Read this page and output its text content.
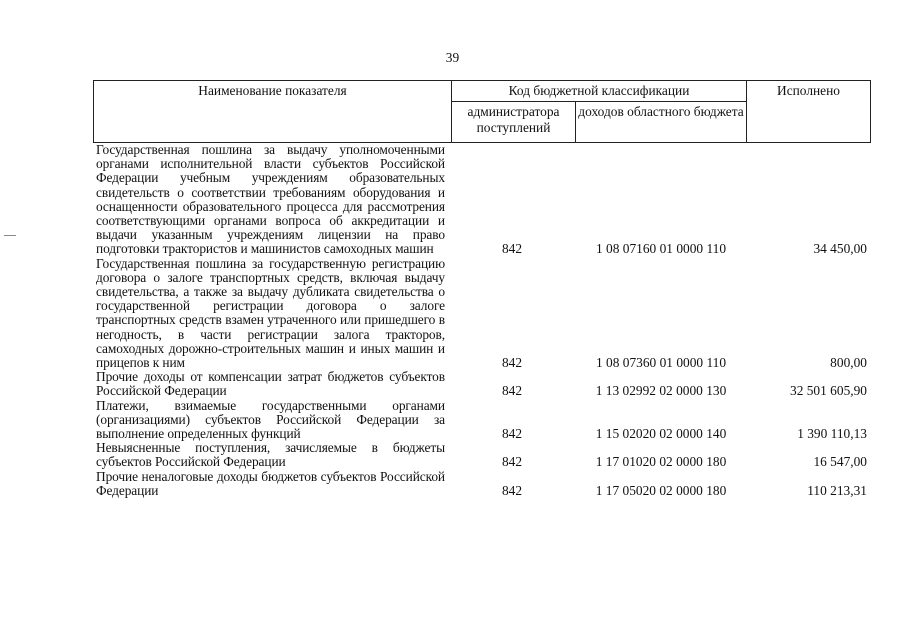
39
Наименование показателя	Код бюджетной классификации		Исполнено
	администратора поступлений	доходов областного бюджета	
Государственная пошлина за выдачу уполномоченными органами исполнительной власти субъектов Российской Федерации учебным учреждениям образовательных свидетельств о соответствии требованиям оборудования и оснащенности образовательного процесса для рассмотрения соответствующими органами вопроса об аккредитации и выдачи указанным учреждениям лицензии на право подготовки трактористов и машинистов самоходных машин	842	1 08 07160 01 0000 110	34 450,00
Государственная пошлина за государственную регистрацию договора о залоге транспортных средств, включая выдачу свидетельства, а также за выдачу дубликата свидетельства о государственной регистрации договора о залоге транспортных средств взамен утраченного или пришедшего в негодность, в части регистрации залога тракторов, самоходных дорожно-строительных машин и иных машин и прицепов к ним	842	1 08 07360 01 0000 110	800,00
Прочие доходы от компенсации затрат бюджетов субъектов Российской Федерации	842	1 13 02992 02 0000 130	32 501 605,90
Платежи, взимаемые государственными органами (организациями) субъектов Российской Федерации за выполнение определенных функций	842	1 15 02020 02 0000 140	1 390 110,13
Невыясненные поступления, зачисляемые в бюджеты субъектов Российской Федерации	842	1 17 01020 02 0000 180	16 547,00
Прочие неналоговые доходы бюджетов субъектов Российской Федерации	842	1 17 05020 02 0000 180	110 213,31
